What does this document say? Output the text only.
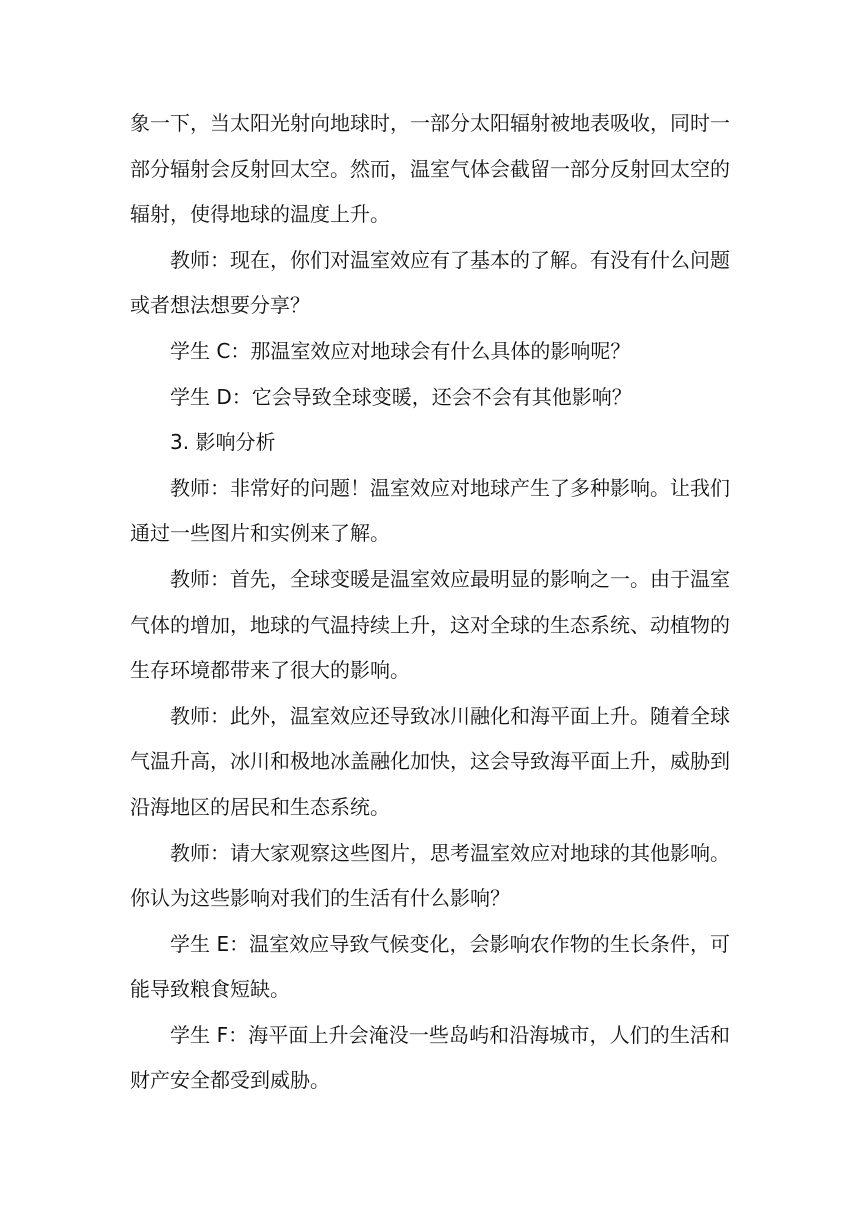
象一下，当太阳光射向地球时，一部分太阳辐射被地表吸收，同时一部分辐射会反射回太空。然而，温室气体会截留一部分反射回太空的辐射，使得地球的温度上升。

教师：现在，你们对温室效应有了基本的了解。有没有什么问题或者想法想要分享？

学生 C：那温室效应对地球会有什么具体的影响呢？

学生 D：它会导致全球变暖，还会不会有其他影响？

3. 影响分析

教师：非常好的问题！温室效应对地球产生了多种影响。让我们通过一些图片和实例来了解。

教师：首先，全球变暖是温室效应最明显的影响之一。由于温室气体的增加，地球的气温持续上升，这对全球的生态系统、动植物的生存环境都带来了很大的影响。

教师：此外，温室效应还导致冰川融化和海平面上升。随着全球气温升高，冰川和极地冰盖融化加快，这会导致海平面上升，威胁到沿海地区的居民和生态系统。

教师：请大家观察这些图片，思考温室效应对地球的其他影响。你认为这些影响对我们的生活有什么影响？

学生 E：温室效应导致气候变化，会影响农作物的生长条件，可能导致粮食短缺。

学生 F：海平面上升会淹没一些岛屿和沿海城市，人们的生活和财产安全都受到威胁。
